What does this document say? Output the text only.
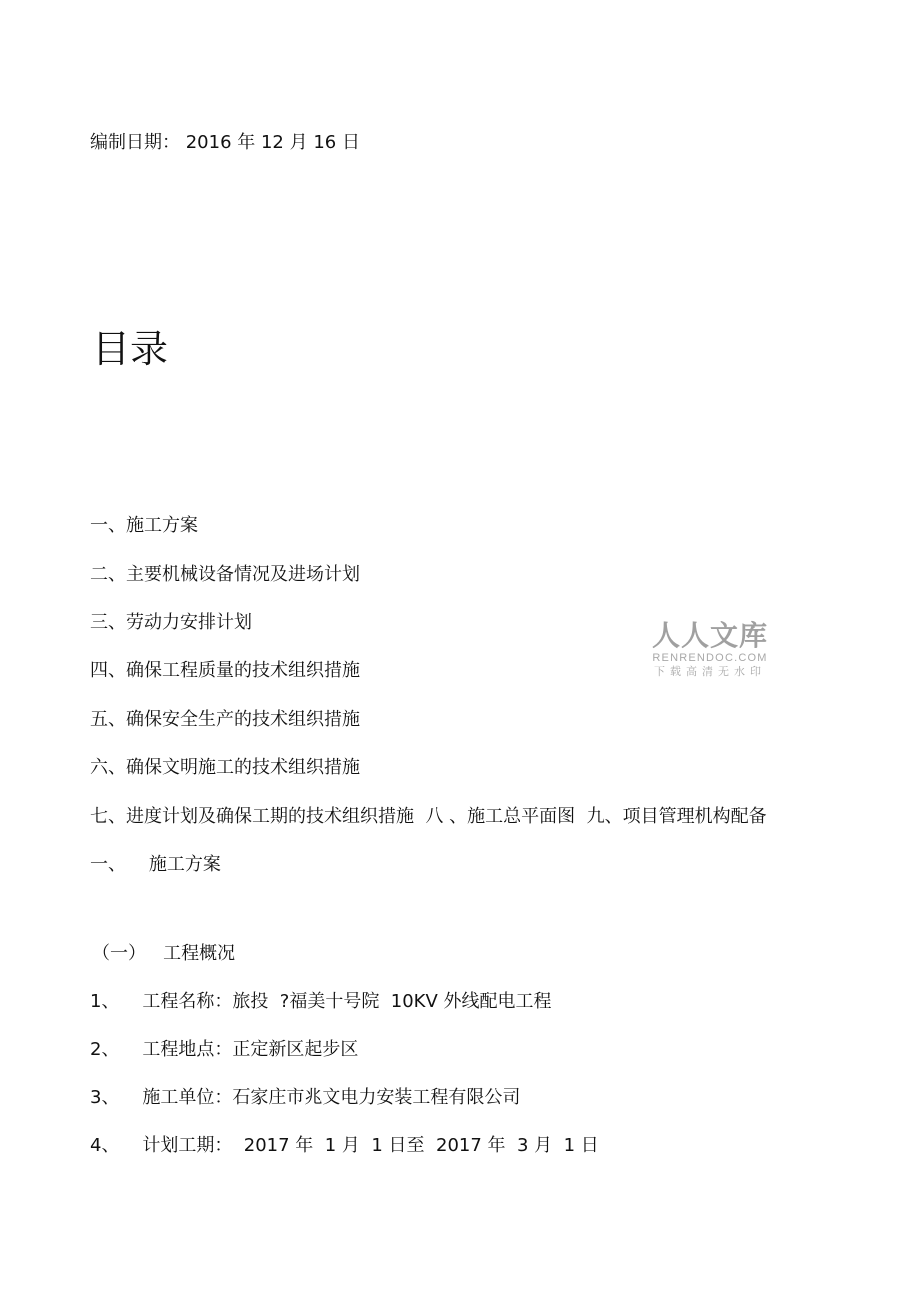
编制日期： 2016 年 12 月 16 日
目录
一、施工方案
二、主要机械设备情况及进场计划
三、劳动力安排计划
四、确保工程质量的技术组织措施
五、确保安全生产的技术组织措施
六、确保文明施工的技术组织措施
七、进度计划及确保工期的技术组织措施  八 、施工总平面图  九、项目管理机构配备
一、    施工方案
（一）   工程概况
1、    工程名称：旅投  ?福美十号院  10KV 外线配电工程
2、    工程地点：正定新区起步区
3、    施工单位：石家庄市兆文电力安装工程有限公司
4、    计划工期：  2017 年  1 月  1 日至  2017 年  3 月  1 日
人人文库
RENRENDOC.COM
下载高清无水印
